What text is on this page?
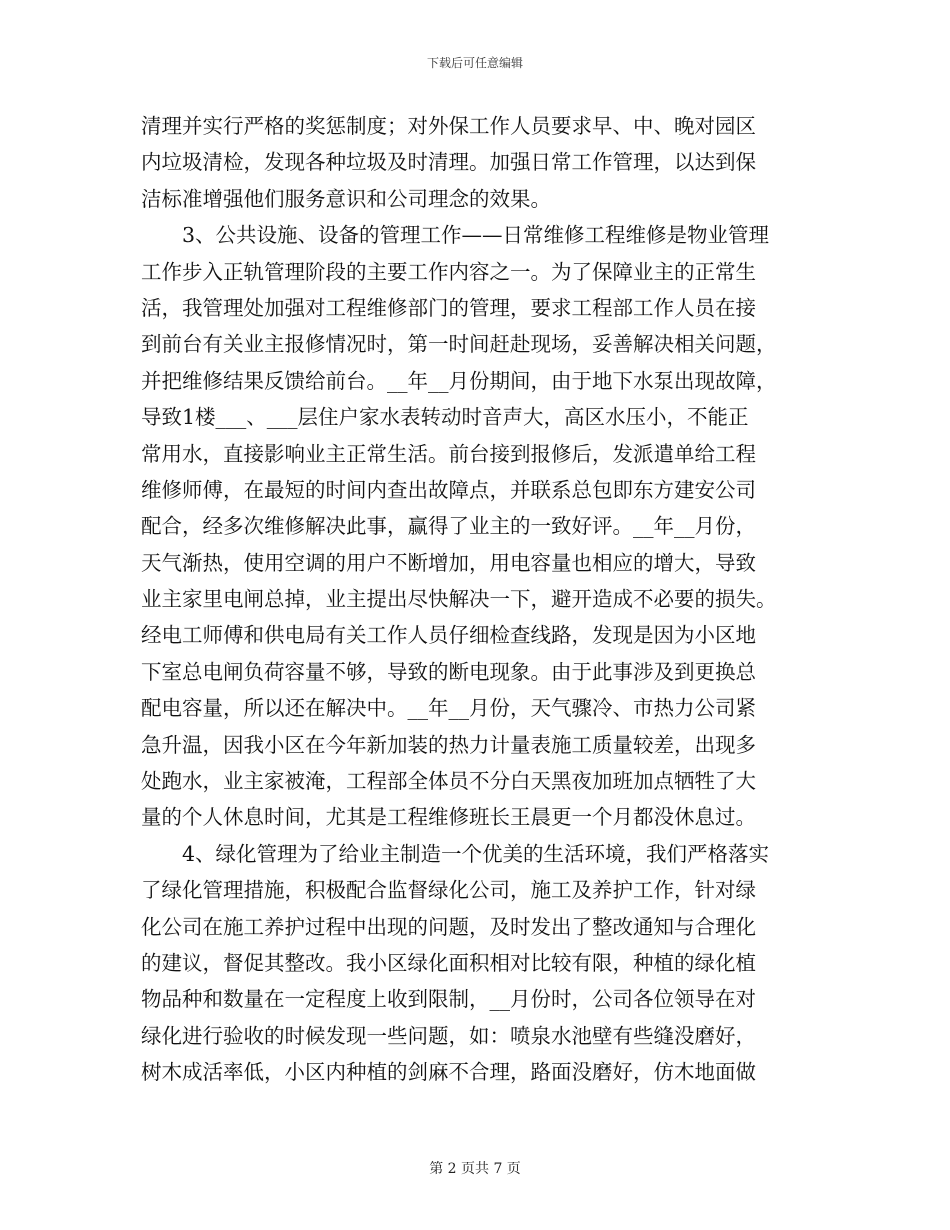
下载后可任意编辑
清理并实行严格的奖惩制度；对外保工作人员要求早、中、晚对园区
内垃圾清检，发现各种垃圾及时清理。加强日常工作管理，以达到保
洁标准增强他们服务意识和公司理念的效果。
　　3、公共设施、设备的管理工作——日常维修工程维修是物业管理
工作步入正轨管理阶段的主要工作内容之一。为了保障业主的正常生
活，我管理处加强对工程维修部门的管理，要求工程部工作人员在接
到前台有关业主报修情况时，第一时间赶赴现场，妥善解决相关问题，
并把维修结果反馈给前台。__年__月份期间，由于地下水泵出现故障，
导致1楼___、___层住户家水表转动时音声大，高区水压小，不能正
常用水，直接影响业主正常生活。前台接到报修后，发派遣单给工程
维修师傅，在最短的时间内查出故障点，并联系总包即东方建安公司
配合，经多次维修解决此事，赢得了业主的一致好评。__年__月份，
天气渐热，使用空调的用户不断增加，用电容量也相应的增大，导致
业主家里电闸总掉，业主提出尽快解决一下，避开造成不必要的损失。
经电工师傅和供电局有关工作人员仔细检查线路，发现是因为小区地
下室总电闸负荷容量不够，导致的断电现象。由于此事涉及到更换总
配电容量，所以还在解决中。__年__月份，天气骤冷、市热力公司紧
急升温，因我小区在今年新加装的热力计量表施工质量较差，出现多
处跑水，业主家被淹，工程部全体员不分白天黑夜加班加点牺牲了大
量的个人休息时间，尤其是工程维修班长王晨更一个月都没休息过。
　　4、绿化管理为了给业主制造一个优美的生活环境，我们严格落实
了绿化管理措施，积极配合监督绿化公司，施工及养护工作，针对绿
化公司在施工养护过程中出现的问题，及时发出了整改通知与合理化
的建议，督促其整改。我小区绿化面积相对比较有限，种植的绿化植
物品种和数量在一定程度上收到限制，__月份时，公司各位领导在对
绿化进行验收的时候发现一些问题，如：喷泉水池壁有些缝没磨好，
树木成活率低，小区内种植的剑麻不合理，路面没磨好，仿木地面做
第 2 页共 7 页
